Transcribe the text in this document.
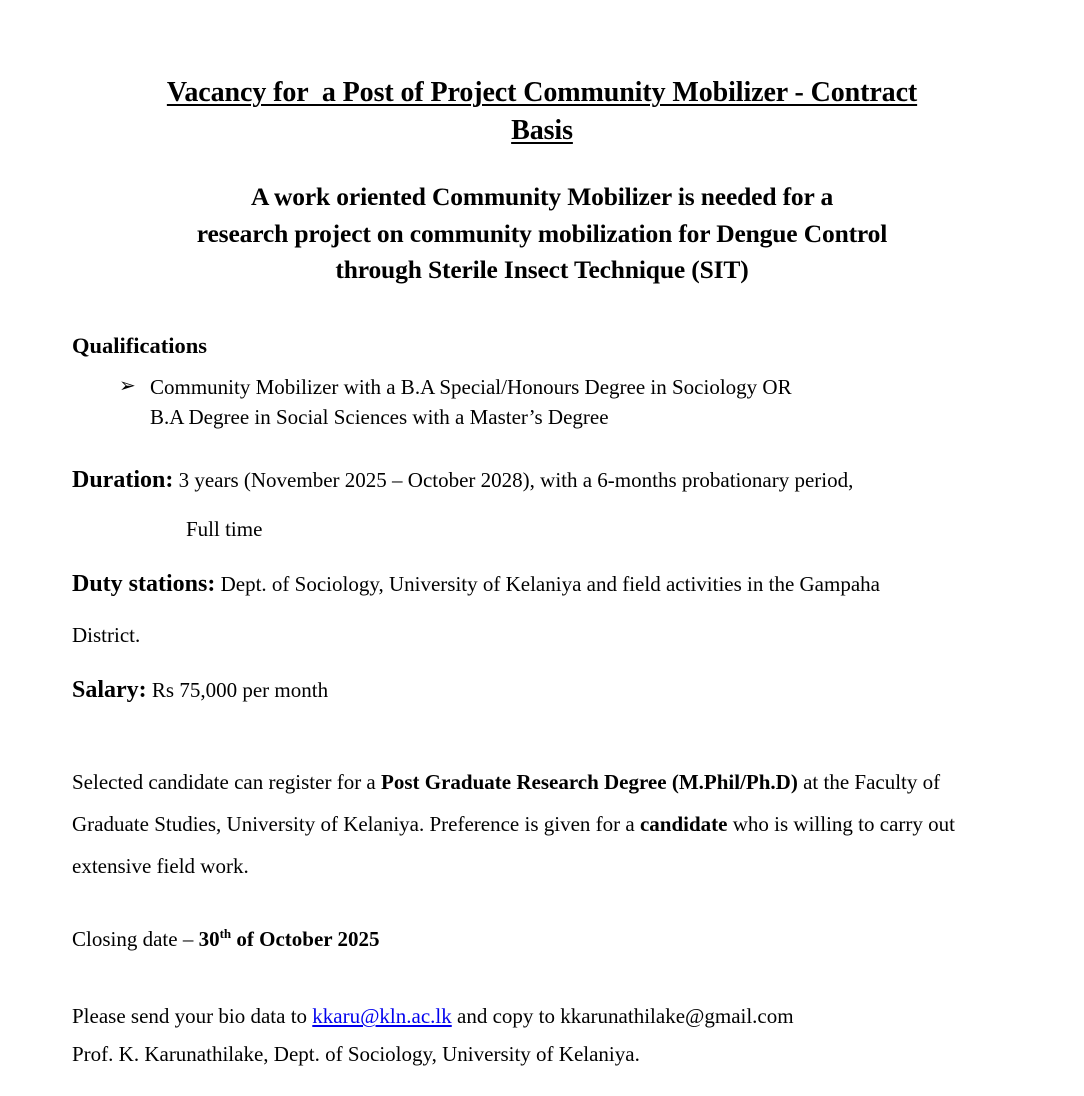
Vacancy for  a Post of Project Community Mobilizer - Contract
Basis
A work oriented Community Mobilizer is needed for a
research project on community mobilization for Dengue Control
through Sterile Insect Technique (SIT)
Qualifications
➢ Community Mobilizer with a B.A Special/Honours Degree in Sociology OR
B.A Degree in Social Sciences with a Master’s Degree

Duration: 3 years (November 2025 – October 2028), with a 6-months probationary period,

Full time

Duty stations: Dept. of Sociology, University of Kelaniya and field activities in the Gampaha

District.

Salary: Rs 75,000 per month

Selected candidate can register for a Post Graduate Research Degree (M.Phil/Ph.D) at the Faculty of Graduate Studies, University of Kelaniya. Preference is given for a candidate who is willing to carry out extensive field work.

Closing date – 30th of October 2025

Please send your bio data to kkaru@kln.ac.lk and copy to kkarunathilake@gmail.com

Prof. K. Karunathilake, Dept. of Sociology, University of Kelaniya.
